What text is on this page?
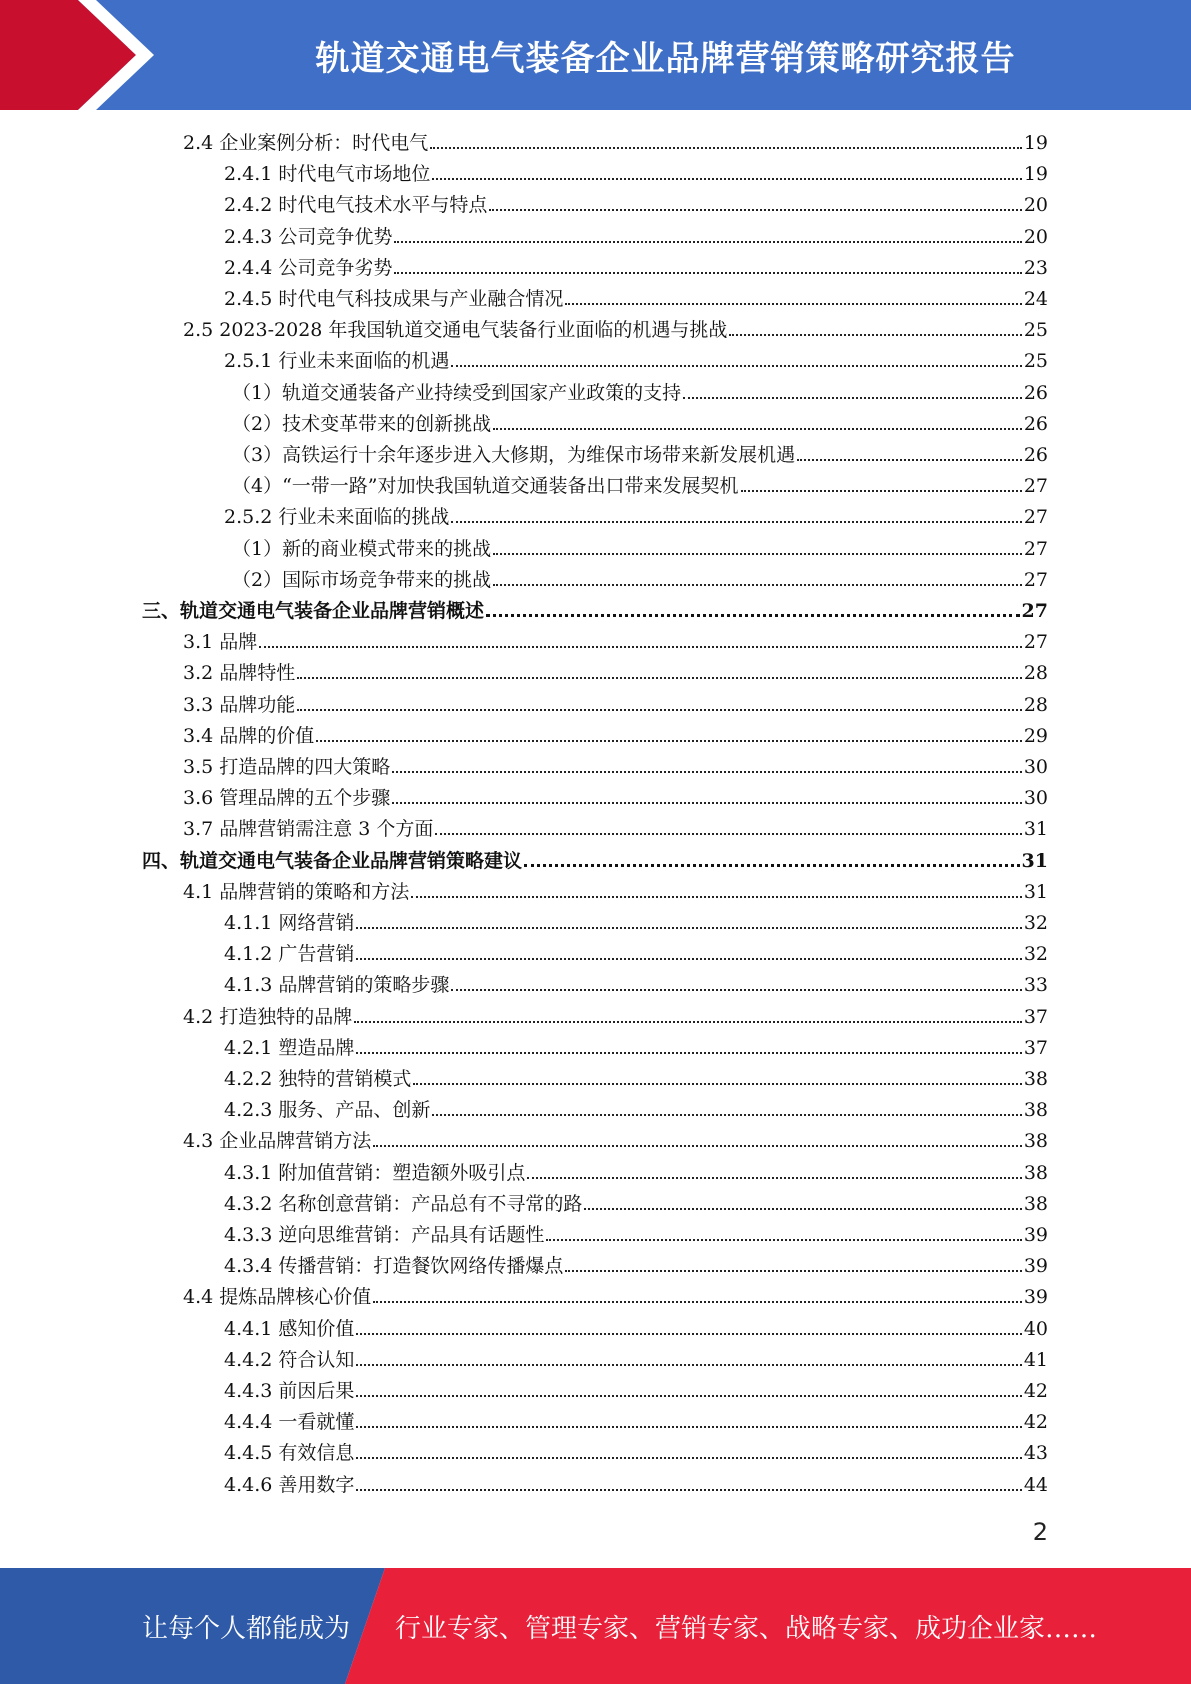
轨道交通电气装备企业品牌营销策略研究报告
2.4 企业案例分析：时代电气	19
2.4.1 时代电气市场地位	19
2.4.2 时代电气技术水平与特点	20
2.4.3 公司竞争优势	20
2.4.4 公司竞争劣势	23
2.4.5 时代电气科技成果与产业融合情况	24
2.5 2023-2028 年我国轨道交通电气装备行业面临的机遇与挑战	25
2.5.1 行业未来面临的机遇	25
（1）轨道交通装备产业持续受到国家产业政策的支持	26
（2）技术变革带来的创新挑战	26
（3）高铁运行十余年逐步进入大修期，为维保市场带来新发展机遇	26
（4）“一带一路”对加快我国轨道交通装备出口带来发展契机	27
2.5.2 行业未来面临的挑战	27
（1）新的商业模式带来的挑战	27
（2）国际市场竞争带来的挑战	27
三、轨道交通电气装备企业品牌营销概述	27
3.1 品牌	27
3.2 品牌特性	28
3.3 品牌功能	28
3.4 品牌的价值	29
3.5 打造品牌的四大策略	30
3.6 管理品牌的五个步骤	30
3.7 品牌营销需注意 3 个方面	31
四、轨道交通电气装备企业品牌营销策略建议	31
4.1 品牌营销的策略和方法	31
4.1.1 网络营销	32
4.1.2 广告营销	32
4.1.3 品牌营销的策略步骤	33
4.2 打造独特的品牌	37
4.2.1 塑造品牌	37
4.2.2 独特的营销模式	38
4.2.3 服务、产品、创新	38
4.3 企业品牌营销方法	38
4.3.1 附加值营销：塑造额外吸引点	38
4.3.2 名称创意营销：产品总有不寻常的路	38
4.3.3 逆向思维营销：产品具有话题性	39
4.3.4 传播营销：打造餐饮网络传播爆点	39
4.4 提炼品牌核心价值	39
4.4.1 感知价值	40
4.4.2 符合认知	41
4.4.3 前因后果	42
4.4.4 一看就懂	42
4.4.5 有效信息	43
4.4.6 善用数字	44
2
让每个人都能成为 行业专家、管理专家、营销专家、战略专家、成功企业家……
